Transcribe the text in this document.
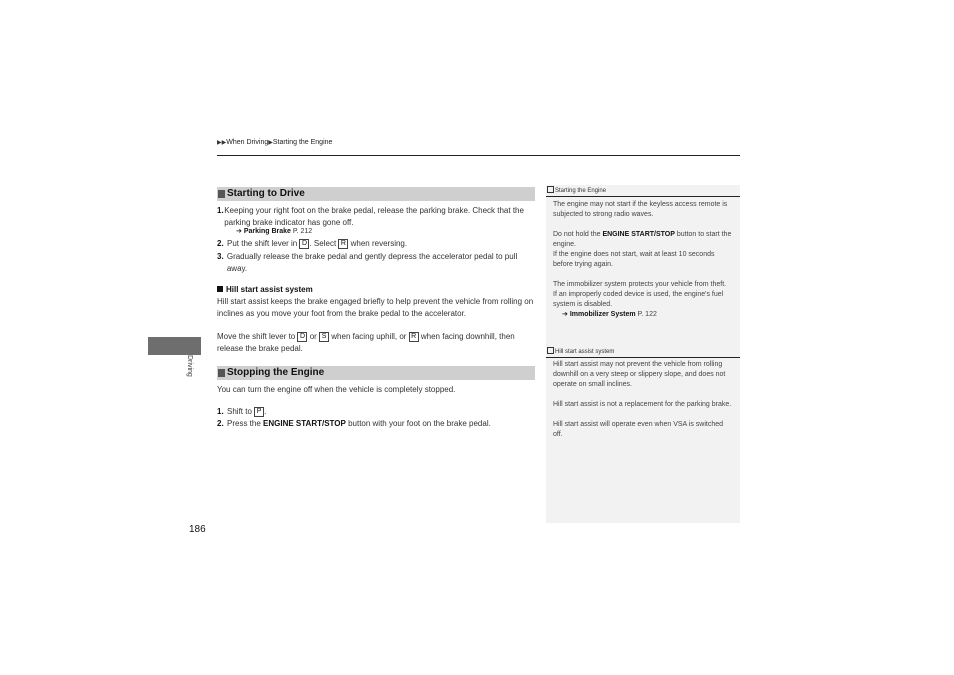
▶▶When Driving▶Starting the Engine
Driving
Starting to Drive
1. Keeping your right foot on the brake pedal, release the parking brake. Check that the parking brake indicator has gone off.
➔ Parking Brake P. 212
2. Put the shift lever in D . Select R when reversing.
3. Gradually release the brake pedal and gently depress the accelerator pedal to pull away.
Hill start assist system
Hill start assist keeps the brake engaged briefly to help prevent the vehicle from rolling on inclines as you move your foot from the brake pedal to the accelerator.
Move the shift lever to D or S when facing uphill, or R when facing downhill, then release the brake pedal.
Stopping the Engine
You can turn the engine off when the vehicle is completely stopped.
1. Shift to P .
2. Press the ENGINE START/STOP button with your foot on the brake pedal.
186
Starting the Engine
The engine may not start if the keyless access remote is subjected to strong radio waves.
Do not hold the ENGINE START/STOP button to start the engine.
If the engine does not start, wait at least 10 seconds before trying again.
The immobilizer system protects your vehicle from theft.
If an improperly coded device is used, the engine's fuel system is disabled.
➔ Immobilizer System P. 122
Hill start assist system
Hill start assist may not prevent the vehicle from rolling downhill on a very steep or slippery slope, and does not operate on small inclines.
Hill start assist is not a replacement for the parking brake.
Hill start assist will operate even when VSA is switched off.
